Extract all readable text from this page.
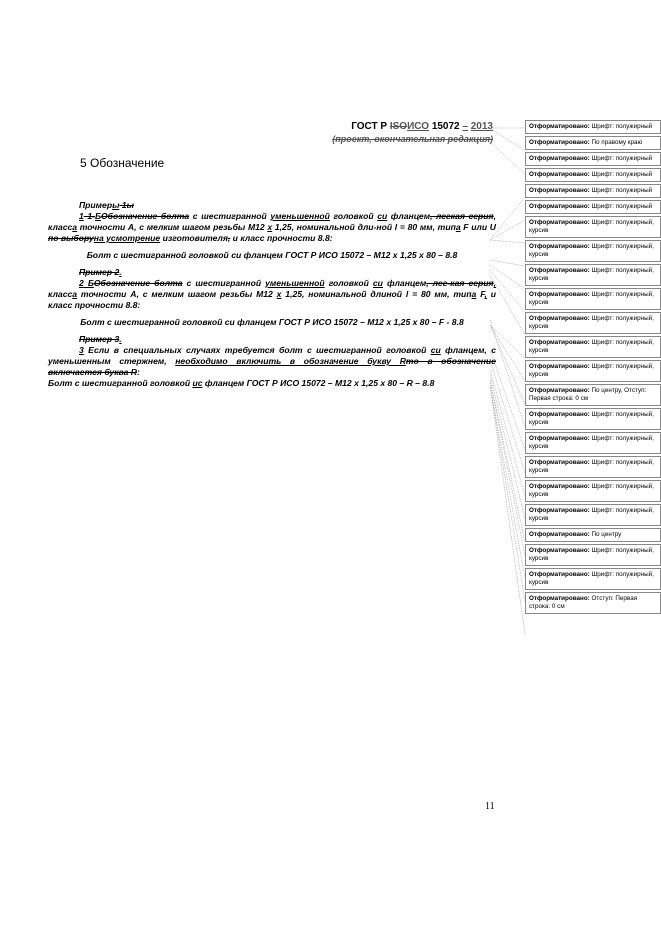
ГОСТ Р ISOИСО 15072 – 2013
(проект, окончательная редакция)
5 Обозначение

Примеры 1ы

1 1-БОбозначение болта с шестигранной уменьшенной головкой си фланцем, легкая серия, класса точности А, с мелким шагом резьбы M12 x 1,25, номинальной дли-ной l = 80 мм, типа F или U по выборуна усмотрение изготовителя, и класс прочности 8.8:

Болт с шестигранной головкой си фланцем ГОСТ Р ИСО 15072 – M12 x 1,25 x 80 – 8.8

Пример 2.

2 БОбозначение болта с шестигранной уменьшенной головкой си фланцем, лег-кая серия, класса точности А, с мелким шагом резьбы M12 x 1,25, номинальной длиной l = 80 мм, типа F, и класс прочности 8.8:

Болт с шестигранной головкой си фланцем ГОСТ Р ИСО 15072 – M12 x 1,25 x 80 – F - 8.8

Пример 3.

3 Если в специальных случаях требуется болт с шестигранной головкой си фланцем, с уменьшенным стержнем, необходимо включить в обозначение букву Rто в обозначение включается буква R:

Болт с шестигранной головкой ис фланцем ГОСТ Р ИСО 15072 – M12 x 1,25 x 80 – R – 8.8

11
Отформатировано: Шрифт: полужирный
Отформатировано: По правому краю
Отформатировано: Шрифт: полужирный
Отформатировано: Шрифт: полужирный
Отформатировано: Шрифт: полужирный
Отформатировано: Шрифт: полужирный
Отформатировано: Шрифт: полужирный, курсив
Отформатировано: Шрифт: полужирный, курсив
Отформатировано: Шрифт: полужирный, курсив
Отформатировано: Шрифт: полужирный, курсив
Отформатировано: Шрифт: полужирный, курсив
Отформатировано: Шрифт: полужирный, курсив
Отформатировано: Шрифт: полужирный, курсив
Отформатировано: По центру, Отступ: Первая строка: 0 см
Отформатировано: Шрифт: полужирный, курсив
Отформатировано: Шрифт: полужирный, курсив
Отформатировано: Шрифт: полужирный, курсив
Отформатировано: Шрифт: полужирный, курсив
Отформатировано: Шрифт: полужирный, курсив
Отформатировано: По центру
Отформатировано: Шрифт: полужирный, курсив
Отформатировано: Шрифт: полужирный, курсив
Отформатировано: Отступ: Первая строка: 0 см
